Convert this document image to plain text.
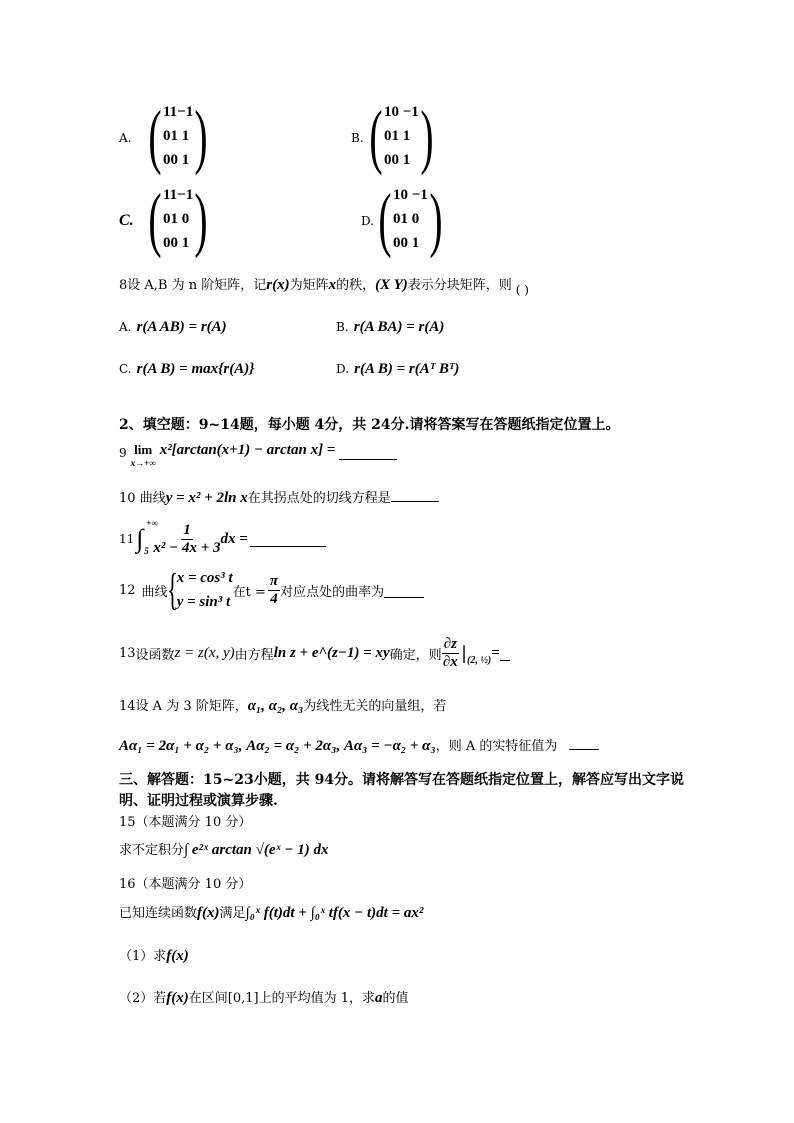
A. ( 11−1
01 1
00 1 )	B. ( 10 −1
01 1
00 1 )
C. ( 11−1
01 0
00 1 )	D. ( 10 −1
01 0
00 1 )
8设 A,B 为 n 阶矩阵，记r(x)为矩阵x的秩，(X Y)表示分块矩阵，则 ( )
A. r(A AB) = r(A)	B. r(A BA) = r(A)
C. r(A B) = max{r(A)}	D. r(A B) = r(Aᵀ Bᵀ)
2、填空题：9~14题，每小题 4分，共 24分.请将答案写在答题纸指定位置上。
9 lim
x→+∞
x²[arctan(x+1) − arctan x] =
10 曲线y = x² + 2ln x在其拐点处的切线方程是
11 ∫
+∞
$5 \frac{1}{\text{x² − 4x + 3}}$ dx =
12 曲线 { x = cos³ t
y = sin³ t
在$t = \frac{\pi}{4}$ 对应点处的曲率为
13 设函数 z = z(x, y) 由方程 ln z + e^(z−1) = xy 确定，则 $\frac{\partial z}{\partial x}$ | (2, ½) =
14设 A 为 3 阶矩阵，α₁, α₂, α₃为线性无关的向量组，若
Aα₁ = 2α₁ + α₂ + α₃, Aα₂ = α₂ + 2α₃, Aα₃ = −α₂ + α₃，则 A 的实特征值为
三、解答题：15~23小题，共 94分。请将解答写在答题纸指定位置上，解答应写出文字说
明、证明过程或演算步骤.
15（本题满分 10 分）
求不定积分∫ e²ˣ arctan √(eˣ − 1) dx
16（本题满分 10 分）
已知连续函数f(x)满足∫₀ˣ f(t)dt + ∫₀ˣ tf(x − t)dt = ax²
（1）求f(x)
（2）若f(x)在区间[0,1]上的平均值为 1，求a的值
